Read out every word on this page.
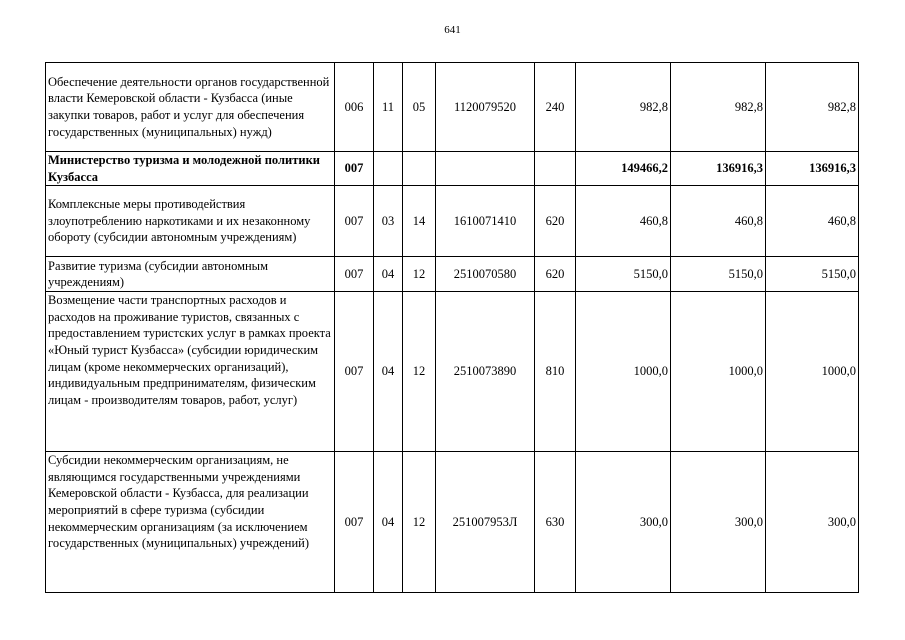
641
Обеспечение деятельности органов государственной власти Кемеровской области - Кузбасса (иные закупки товаров, работ и услуг для обеспечения государственных (муниципальных) нужд)	006	11	05	1120079520	240	982,8	982,8	982,8
Министерство туризма и молодежной политики Кузбасса	007					149466,2	136916,3	136916,3
Комплексные меры противодействия злоупотреблению наркотиками и их незаконному обороту (субсидии автономным учреждениям)	007	03	14	1610071410	620	460,8	460,8	460,8
Развитие туризма (субсидии автономным учреждениям)	007	04	12	2510070580	620	5150,0	5150,0	5150,0
Возмещение части транспортных расходов и расходов на проживание туристов, связанных с предоставлением туристских услуг в рамках проекта «Юный турист Кузбасса» (субсидии юридическим лицам (кроме некоммерческих организаций), индивидуальным предпринимателям, физическим лицам - производителям товаров, работ, услуг)	007	04	12	2510073890	810	1000,0	1000,0	1000,0
Субсидии некоммерческим организациям, не являющимся государственными учреждениями Кемеровской области - Кузбасса, для реализации мероприятий в сфере туризма (субсидии некоммерческим организациям (за исключением государственных (муниципальных) учреждений)	007	04	12	251007953Л	630	300,0	300,0	300,0
